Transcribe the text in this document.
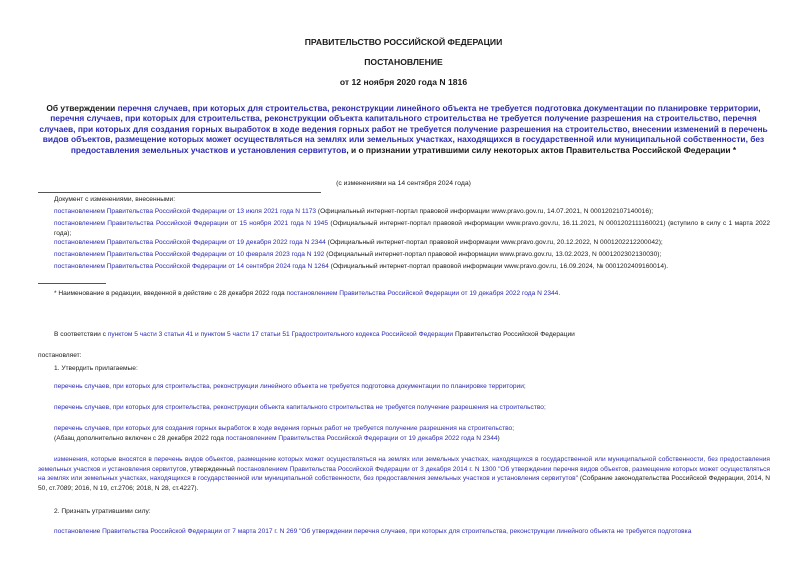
ПРАВИТЕЛЬСТВО РОССИЙСКОЙ ФЕДЕРАЦИИ
ПОСТАНОВЛЕНИЕ
от 12 ноября 2020 года N 1816
Об утверждении перечня случаев, при которых для строительства, реконструкции линейного объекта не требуется подготовка документации по планировке территории, перечня случаев, при которых для строительства, реконструкции объекта капитального строительства не требуется получение разрешения на строительство, перечня случаев, при которых для создания горных выработок в ходе ведения горных работ не требуется получение разрешения на строительство, внесении изменений в перечень видов объектов, размещение которых может осуществляться на землях или земельных участках, находящихся в государственной или муниципальной собственности, без предоставления земельных участков и установления сервитутов, и о признании утратившими силу некоторых актов Правительства Российской Федерации *
(с изменениями на 14 сентября 2024 года)
Документ с изменениями, внесенными:
постановлением Правительства Российской Федерации от 13 июля 2021 года N 1173 (Официальный интернет-портал правовой информации www.pravo.gov.ru, 14.07.2021, N 0001202107140016);
постановлением Правительства Российской Федерации от 15 ноября 2021 года N 1945 (Официальный интернет-портал правовой информации www.pravo.gov.ru, 16.11.2021, N 0001202111160021) (вступило в силу с 1 марта 2022 года);
постановлением Правительства Российской Федерации от 19 декабря 2022 года N 2344 (Официальный интернет-портал правовой информации www.pravo.gov.ru, 20.12.2022, N 0001202212200042);
постановлением Правительства Российской Федерации от 10 февраля 2023 года N 192 (Официальный интернет-портал правовой информации www.pravo.gov.ru, 13.02.2023, N 0001202302130030);
постановлением Правительства Российской Федерации от 14 сентября 2024 года N 1264 (Официальный интернет-портал правовой информации www.pravo.gov.ru, 16.09.2024, № 0001202409160014).
* Наименование в редакции, введенной в действие с 28 декабря 2022 года постановлением Правительства Российской Федерации от 19 декабря 2022 года N 2344.
В соответствии с пунктом 5 части 3 статьи 41 и пунктом 5 части 17 статьи 51 Градостроительного кодекса Российской Федерации Правительство Российской Федерации
постановляет:
1. Утвердить прилагаемые:
перечень случаев, при которых для строительства, реконструкции линейного объекта не требуется подготовка документации по планировке территории;
перечень случаев, при которых для строительства, реконструкции объекта капитального строительства не требуется получение разрешения на строительство;
перечень случаев, при которых для создания горных выработок в ходе ведения горных работ не требуется получение разрешения на строительство;
(Абзац дополнительно включен с 28 декабря 2022 года постановлением Правительства Российской Федерации от 19 декабря 2022 года N 2344)
изменения, которые вносятся в перечень видов объектов, размещение которых может осуществляться на землях или земельных участках, находящихся в государственной или муниципальной собственности, без предоставления земельных участков и установления сервитутов, утвержденный постановлением Правительства Российской Федерации от 3 декабря 2014 г. N 1300 "Об утверждении перечня видов объектов, размещение которых может осуществляться на землях или земельных участках, находящихся в государственной или муниципальной собственности, без предоставления земельных участков и установления сервитутов" (Собрание законодательства Российской Федерации, 2014, N 50, ст.7089; 2016, N 19, ст.2706; 2018, N 28, ст.4227).
2. Признать утратившими силу:
постановление Правительства Российской Федерации от 7 марта 2017 г. N 269 "Об утверждении перечня случаев, при которых для строительства, реконструкции линейного объекта не требуется подготовка
